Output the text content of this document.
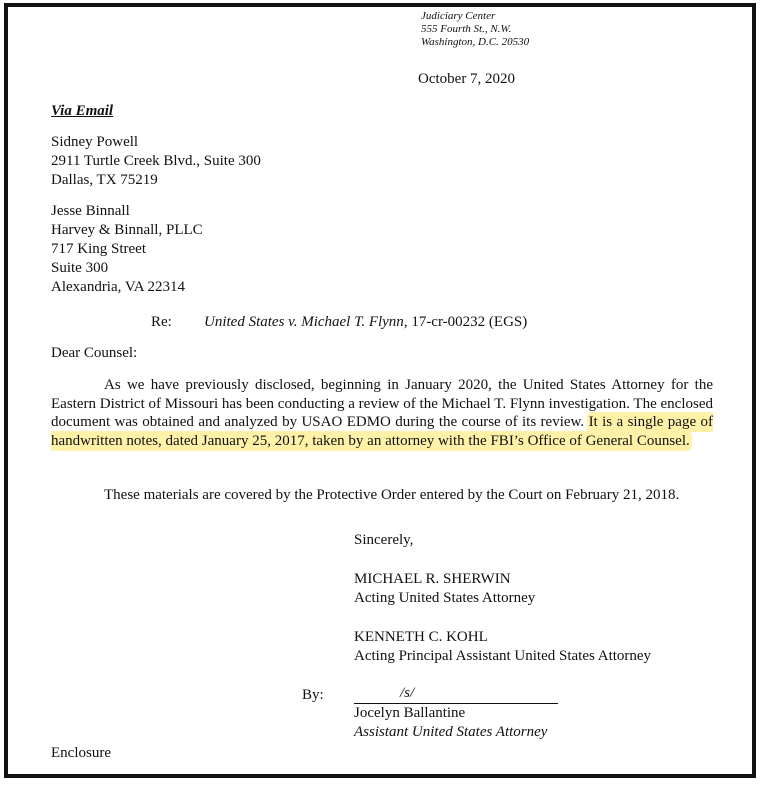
Judiciary Center
555 Fourth St., N.W.
Washington, D.C. 20530
October 7, 2020
Via Email
Sidney Powell
2911 Turtle Creek Blvd., Suite 300
Dallas, TX 75219
Jesse Binnall
Harvey & Binnall, PLLC
717 King Street
Suite 300
Alexandria, VA 22314
Re: United States v. Michael T. Flynn, 17-cr-00232 (EGS)
Dear Counsel:
As we have previously disclosed, beginning in January 2020, the United States Attorney for the Eastern District of Missouri has been conducting a review of the Michael T. Flynn investigation. The enclosed document was obtained and analyzed by USAO EDMO during the course of its review. It is a single page of handwritten notes, dated January 25, 2017, taken by an attorney with the FBI’s Office of General Counsel.
These materials are covered by the Protective Order entered by the Court on February 21, 2018.
Sincerely,
MICHAEL R. SHERWIN
Acting United States Attorney
KENNETH C. KOHL
Acting Principal Assistant United States Attorney
By:	/s/
Jocelyn Ballantine
Assistant United States Attorney
Enclosure
